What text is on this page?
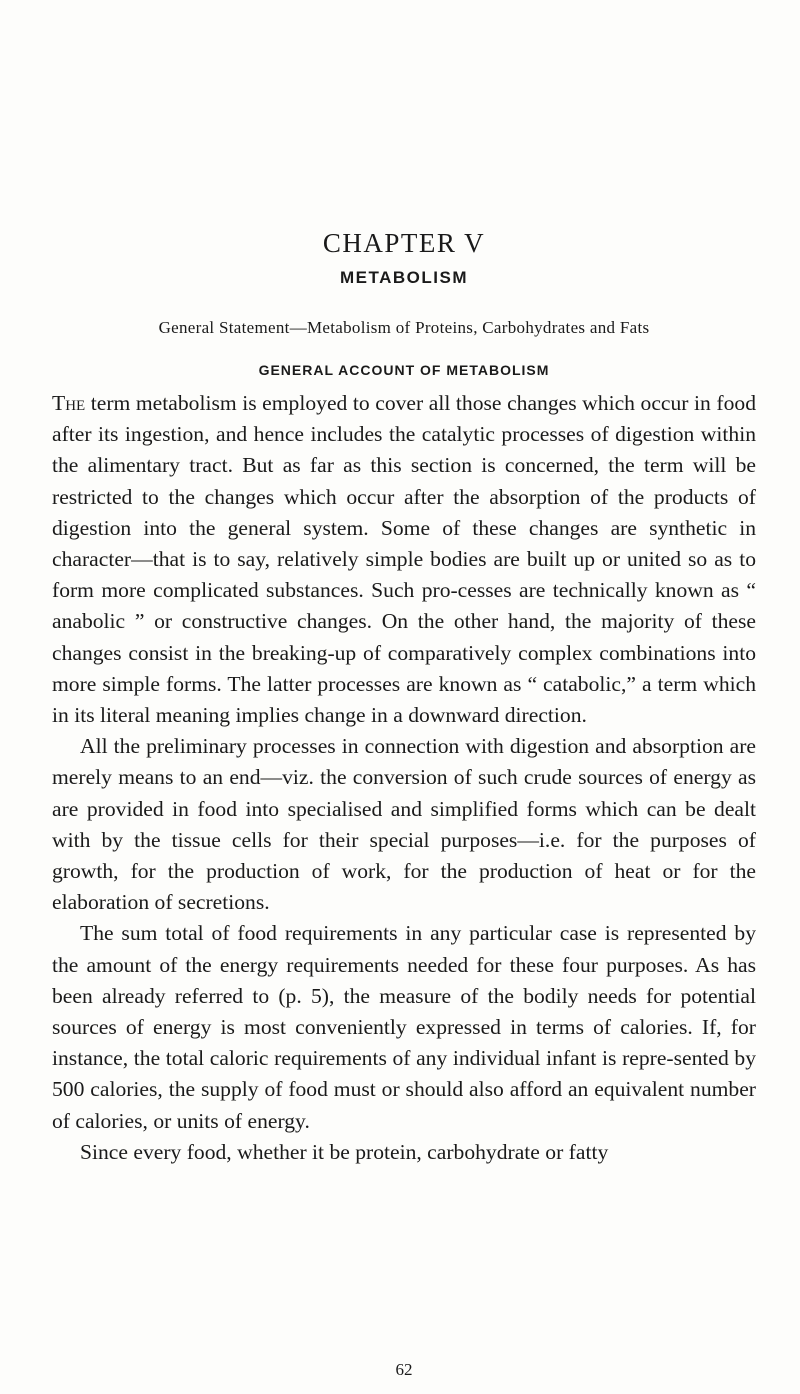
CHAPTER V
METABOLISM
General Statement—Metabolism of Proteins, Carbohydrates and Fats
GENERAL ACCOUNT OF METABOLISM

The term metabolism is employed to cover all those changes which occur in food after its ingestion, and hence includes the catalytic processes of digestion within the alimentary tract. But as far as this section is concerned, the term will be restricted to the changes which occur after the absorption of the products of digestion into the general system. Some of these changes are synthetic in character—that is to say, relatively simple bodies are built up or united so as to form more complicated substances. Such pro-cesses are technically known as “ anabolic ” or constructive changes. On the other hand, the majority of these changes consist in the breaking-up of comparatively complex combinations into more simple forms. The latter processes are known as “ catabolic,” a term which in its literal meaning implies change in a downward direction.

All the preliminary processes in connection with digestion and absorption are merely means to an end—viz. the conversion of such crude sources of energy as are provided in food into specialised and simplified forms which can be dealt with by the tissue cells for their special purposes—i.e. for the purposes of growth, for the production of work, for the production of heat or for the elaboration of secretions.

The sum total of food requirements in any particular case is represented by the amount of the energy requirements needed for these four purposes. As has been already referred to (p. 5), the measure of the bodily needs for potential sources of energy is most conveniently expressed in terms of calories. If, for instance, the total caloric requirements of any individual infant is repre-sented by 500 calories, the supply of food must or should also afford an equivalent number of calories, or units of energy.

Since every food, whether it be protein, carbohydrate or fatty

62
